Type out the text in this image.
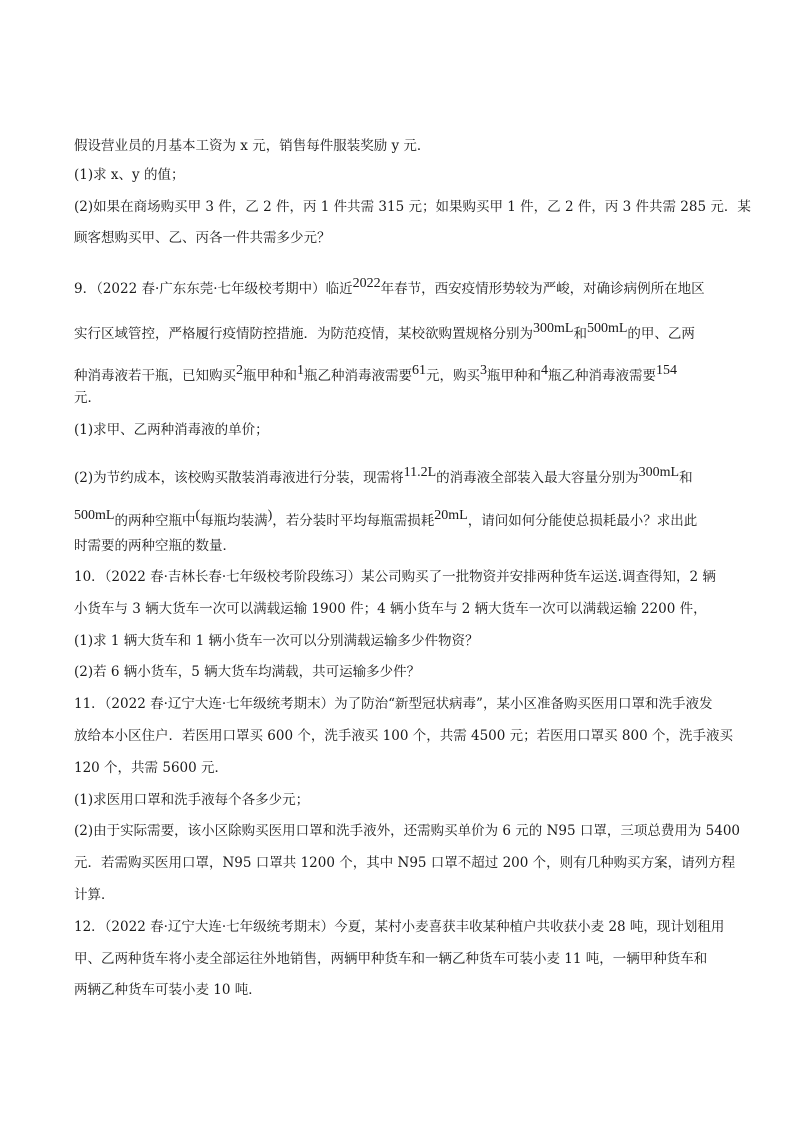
假设营业员的月基本工资为 x 元，销售每件服装奖励 y 元．
(1)求 x、y 的值；
(2)如果在商场购买甲 3 件，乙 2 件，丙 1 件共需 315 元；如果购买甲 1 件，乙 2 件，丙 3 件共需 285 元．某
顾客想购买甲、乙、丙各一件共需多少元？
9．（2022 春·广东东莞·七年级校考期中）临近2022年春节，西安疫情形势较为严峻，对确诊病例所在地区
实行区域管控，严格履行疫情防控措施．为防范疫情，某校欲购置规格分别为300mL和500mL的甲、乙两
种消毒液若干瓶，已知购买2瓶甲种和1瓶乙种消毒液需要61元，购买3瓶甲种和4瓶乙种消毒液需要154
元．
(1)求甲、乙两种消毒液的单价；
(2)为节约成本，该校购买散装消毒液进行分装，现需将11.2L的消毒液全部装入最大容量分别为300mL和
500mL的两种空瓶中(每瓶均装满)，若分装时平均每瓶需损耗20mL，请问如何分能使总损耗最小？求出此
时需要的两种空瓶的数量．
10．（2022 春·吉林长春·七年级校考阶段练习）某公司购买了一批物资并安排两种货车运送.调查得知，2 辆
小货车与 3 辆大货车一次可以满载运输 1900 件；4 辆小货车与 2 辆大货车一次可以满载运输 2200 件，
(1)求 1 辆大货车和 1 辆小货车一次可以分别满载运输多少件物资？
(2)若 6 辆小货车，5 辆大货车均满载，共可运输多少件？
11．（2022 春·辽宁大连·七年级统考期末）为了防治“新型冠状病毒”，某小区准备购买医用口罩和洗手液发
放给本小区住户．若医用口罩买 600 个，洗手液买 100 个，共需 4500 元；若医用口罩买 800 个，洗手液买
120 个，共需 5600 元．
(1)求医用口罩和洗手液每个各多少元；
(2)由于实际需要，该小区除购买医用口罩和洗手液外，还需购买单价为 6 元的 N95 口罩，三项总费用为 5400
元．若需购买医用口罩，N95 口罩共 1200 个，其中 N95 口罩不超过 200 个，则有几种购买方案，请列方程
计算．
12．（2022 春·辽宁大连·七年级统考期末）今夏，某村小麦喜获丰收某种植户共收获小麦 28 吨，现计划租用
甲、乙两种货车将小麦全部运往外地销售，两辆甲种货车和一辆乙种货车可装小麦 11 吨，一辆甲种货车和
两辆乙种货车可装小麦 10 吨．
